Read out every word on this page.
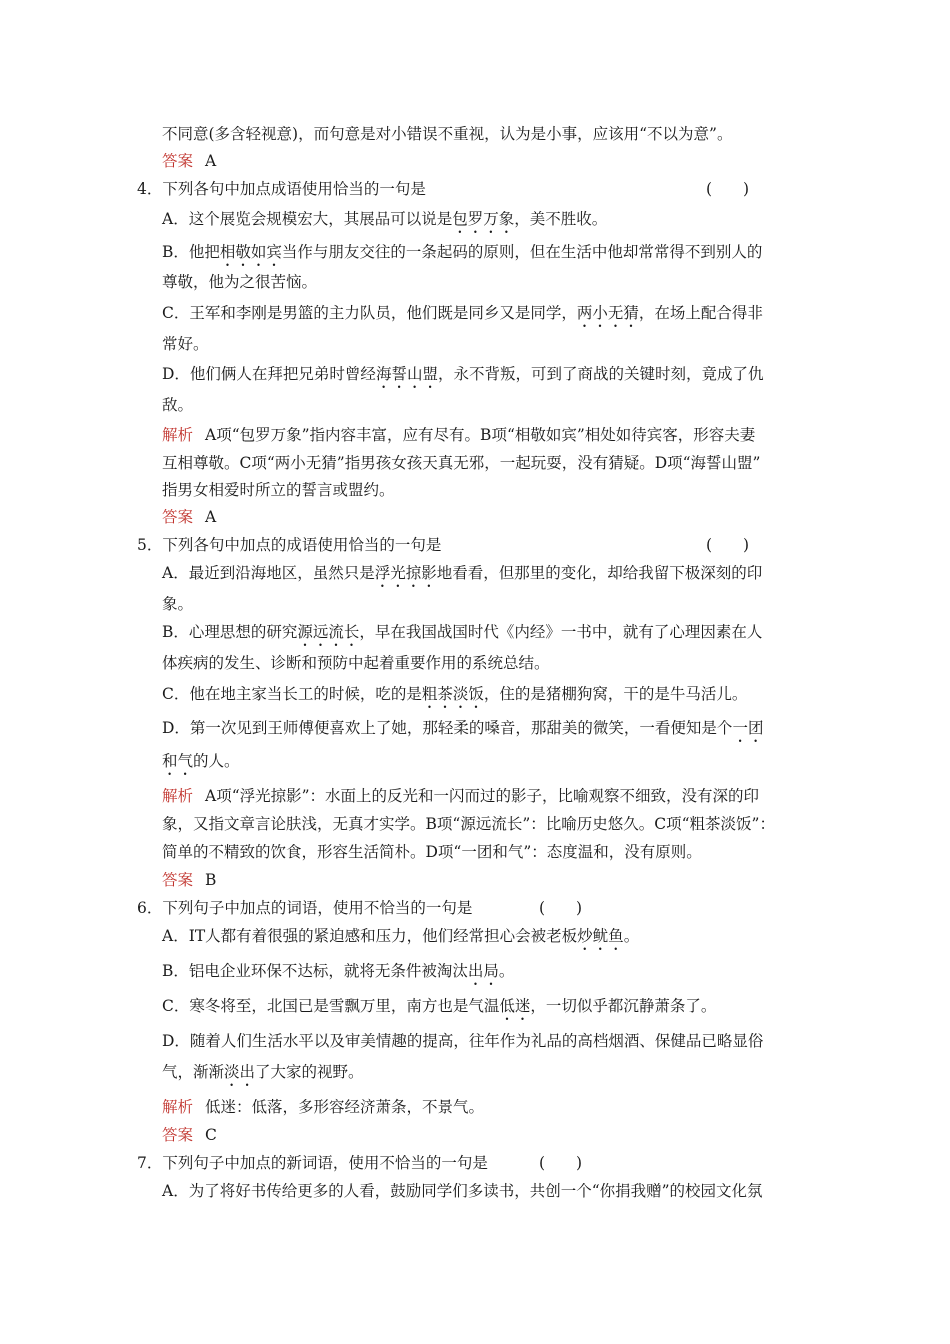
不同意(多含轻视意)，而句意是对小错误不重视，认为是小事，应该用“不以为意”。
答案 A
4．下列各句中加点成语使用恰当的一句是	(　　)
A．这个展览会规模宏大，其展品可以说是包罗万象，美不胜收。
B．他把相敬如宾当作与朋友交往的一条起码的原则，但在生活中他却常常得不到别人的
尊敬，他为之很苦恼。
C．王军和李刚是男篮的主力队员，他们既是同乡又是同学，两小无猜，在场上配合得非
常好。
D．他们俩人在拜把兄弟时曾经海誓山盟，永不背叛，可到了商战的关键时刻，竟成了仇
敌。
解析 A项“包罗万象”指内容丰富，应有尽有。B项“相敬如宾”相处如待宾客，形容夫妻
互相尊敬。C项“两小无猜”指男孩女孩天真无邪，一起玩耍，没有猜疑。D项“海誓山盟”
指男女相爱时所立的誓言或盟约。
答案 A
5．下列各句中加点的成语使用恰当的一句是	(　　)
A．最近到沿海地区，虽然只是浮光掠影地看看，但那里的变化，却给我留下极深刻的印
象。
B．心理思想的研究源远流长，早在我国战国时代《内经》一书中，就有了心理因素在人
体疾病的发生、诊断和预防中起着重要作用的系统总结。
C．他在地主家当长工的时候，吃的是粗茶淡饭，住的是猪棚狗窝，干的是牛马活儿。
D．第一次见到王师傅便喜欢上了她，那轻柔的嗓音，那甜美的微笑，一看便知是个一团
和气的人。
解析 A项“浮光掠影”：水面上的反光和一闪而过的影子，比喻观察不细致，没有深的印
象，又指文章言论肤浅，无真才实学。B项“源远流长”：比喻历史悠久。C项“粗茶淡饭”：
简单的不精致的饮食，形容生活简朴。D项“一团和气”：态度温和，没有原则。
答案 B
6．下列句子中加点的词语，使用不恰当的一句是	(　　)
A．IT人都有着很强的紧迫感和压力，他们经常担心会被老板炒鱿鱼。
B．铝电企业环保不达标，就将无条件被淘汰出局。
C．寒冬将至，北国已是雪飘万里，南方也是气温低迷，一切似乎都沉静萧条了。
D．随着人们生活水平以及审美情趣的提高，往年作为礼品的高档烟酒、保健品已略显俗
气，渐渐淡出了大家的视野。
解析 低迷：低落，多形容经济萧条，不景气。
答案 C
7．下列句子中加点的新词语，使用不恰当的一句是	(　　)
A．为了将好书传给更多的人看，鼓励同学们多读书，共创一个“你捐我赠”的校园文化氛
